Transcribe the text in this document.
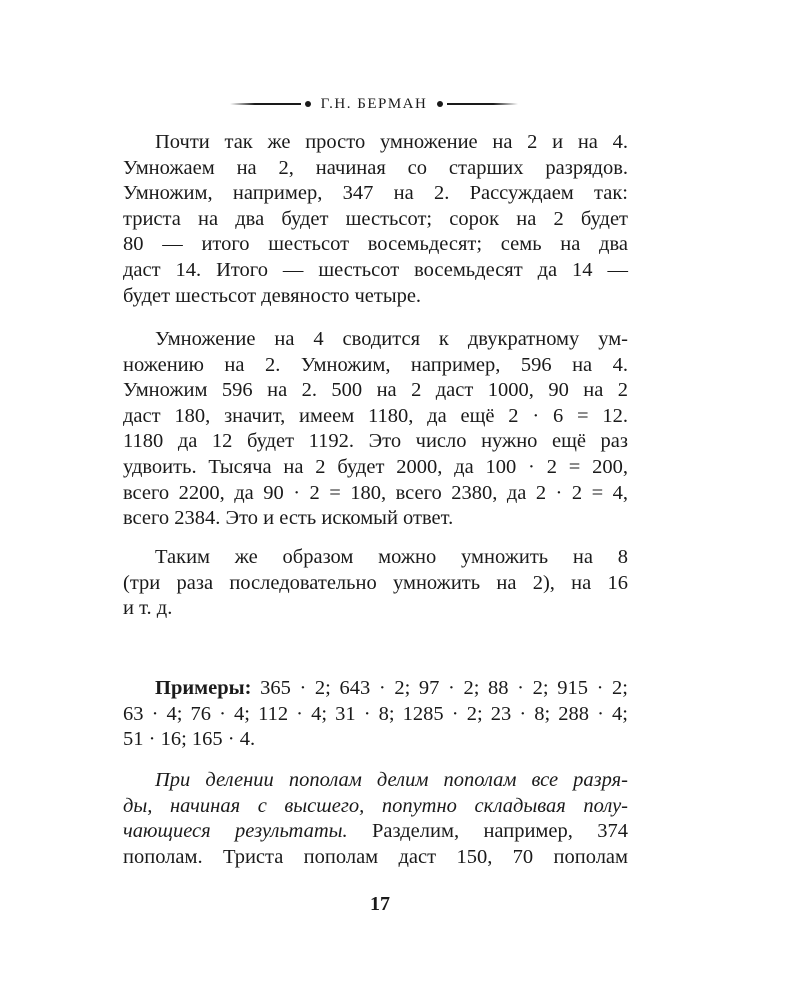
Г.Н. БЕРМАН
Почти так же просто умножение на 2 и на 4.
Умножаем на 2, начиная со старших разрядов.
Умножим, например, 347 на 2. Рассуждаем так:
триста на два будет шестьсот; сорок на 2 будет
80 — итого шестьсот восемьдесят; семь на два
даст 14. Итого — шестьсот восемьдесят да 14 —
будет шестьсот девяносто четыре.
Умножение на 4 сводится к двукратному ум-
ножению на 2. Умножим, например, 596 на 4.
Умножим 596 на 2. 500 на 2 даст 1000, 90 на 2
даст 180, значит, имеем 1180, да ещё 2 · 6 = 12.
1180 да 12 будет 1192. Это число нужно ещё раз
удвоить. Тысяча на 2 будет 2000, да 100 · 2 = 200,
всего 2200, да 90 · 2 = 180, всего 2380, да 2 · 2 = 4,
всего 2384. Это и есть искомый ответ.
Таким же образом можно умножить на 8
(три раза последовательно умножить на 2), на 16
и т. д.
Примеры: 365 · 2; 643 · 2; 97 · 2; 88 · 2; 915 · 2;
63 · 4; 76 · 4; 112 · 4; 31 · 8; 1285 · 2; 23 · 8; 288 · 4;
51 · 16; 165 · 4.
При делении пополам делим пополам все разря-
ды, начиная с высшего, попутно складывая полу-
чающиеся результаты. Разделим, например, 374
пополам. Триста пополам даст 150, 70 пополам
17
